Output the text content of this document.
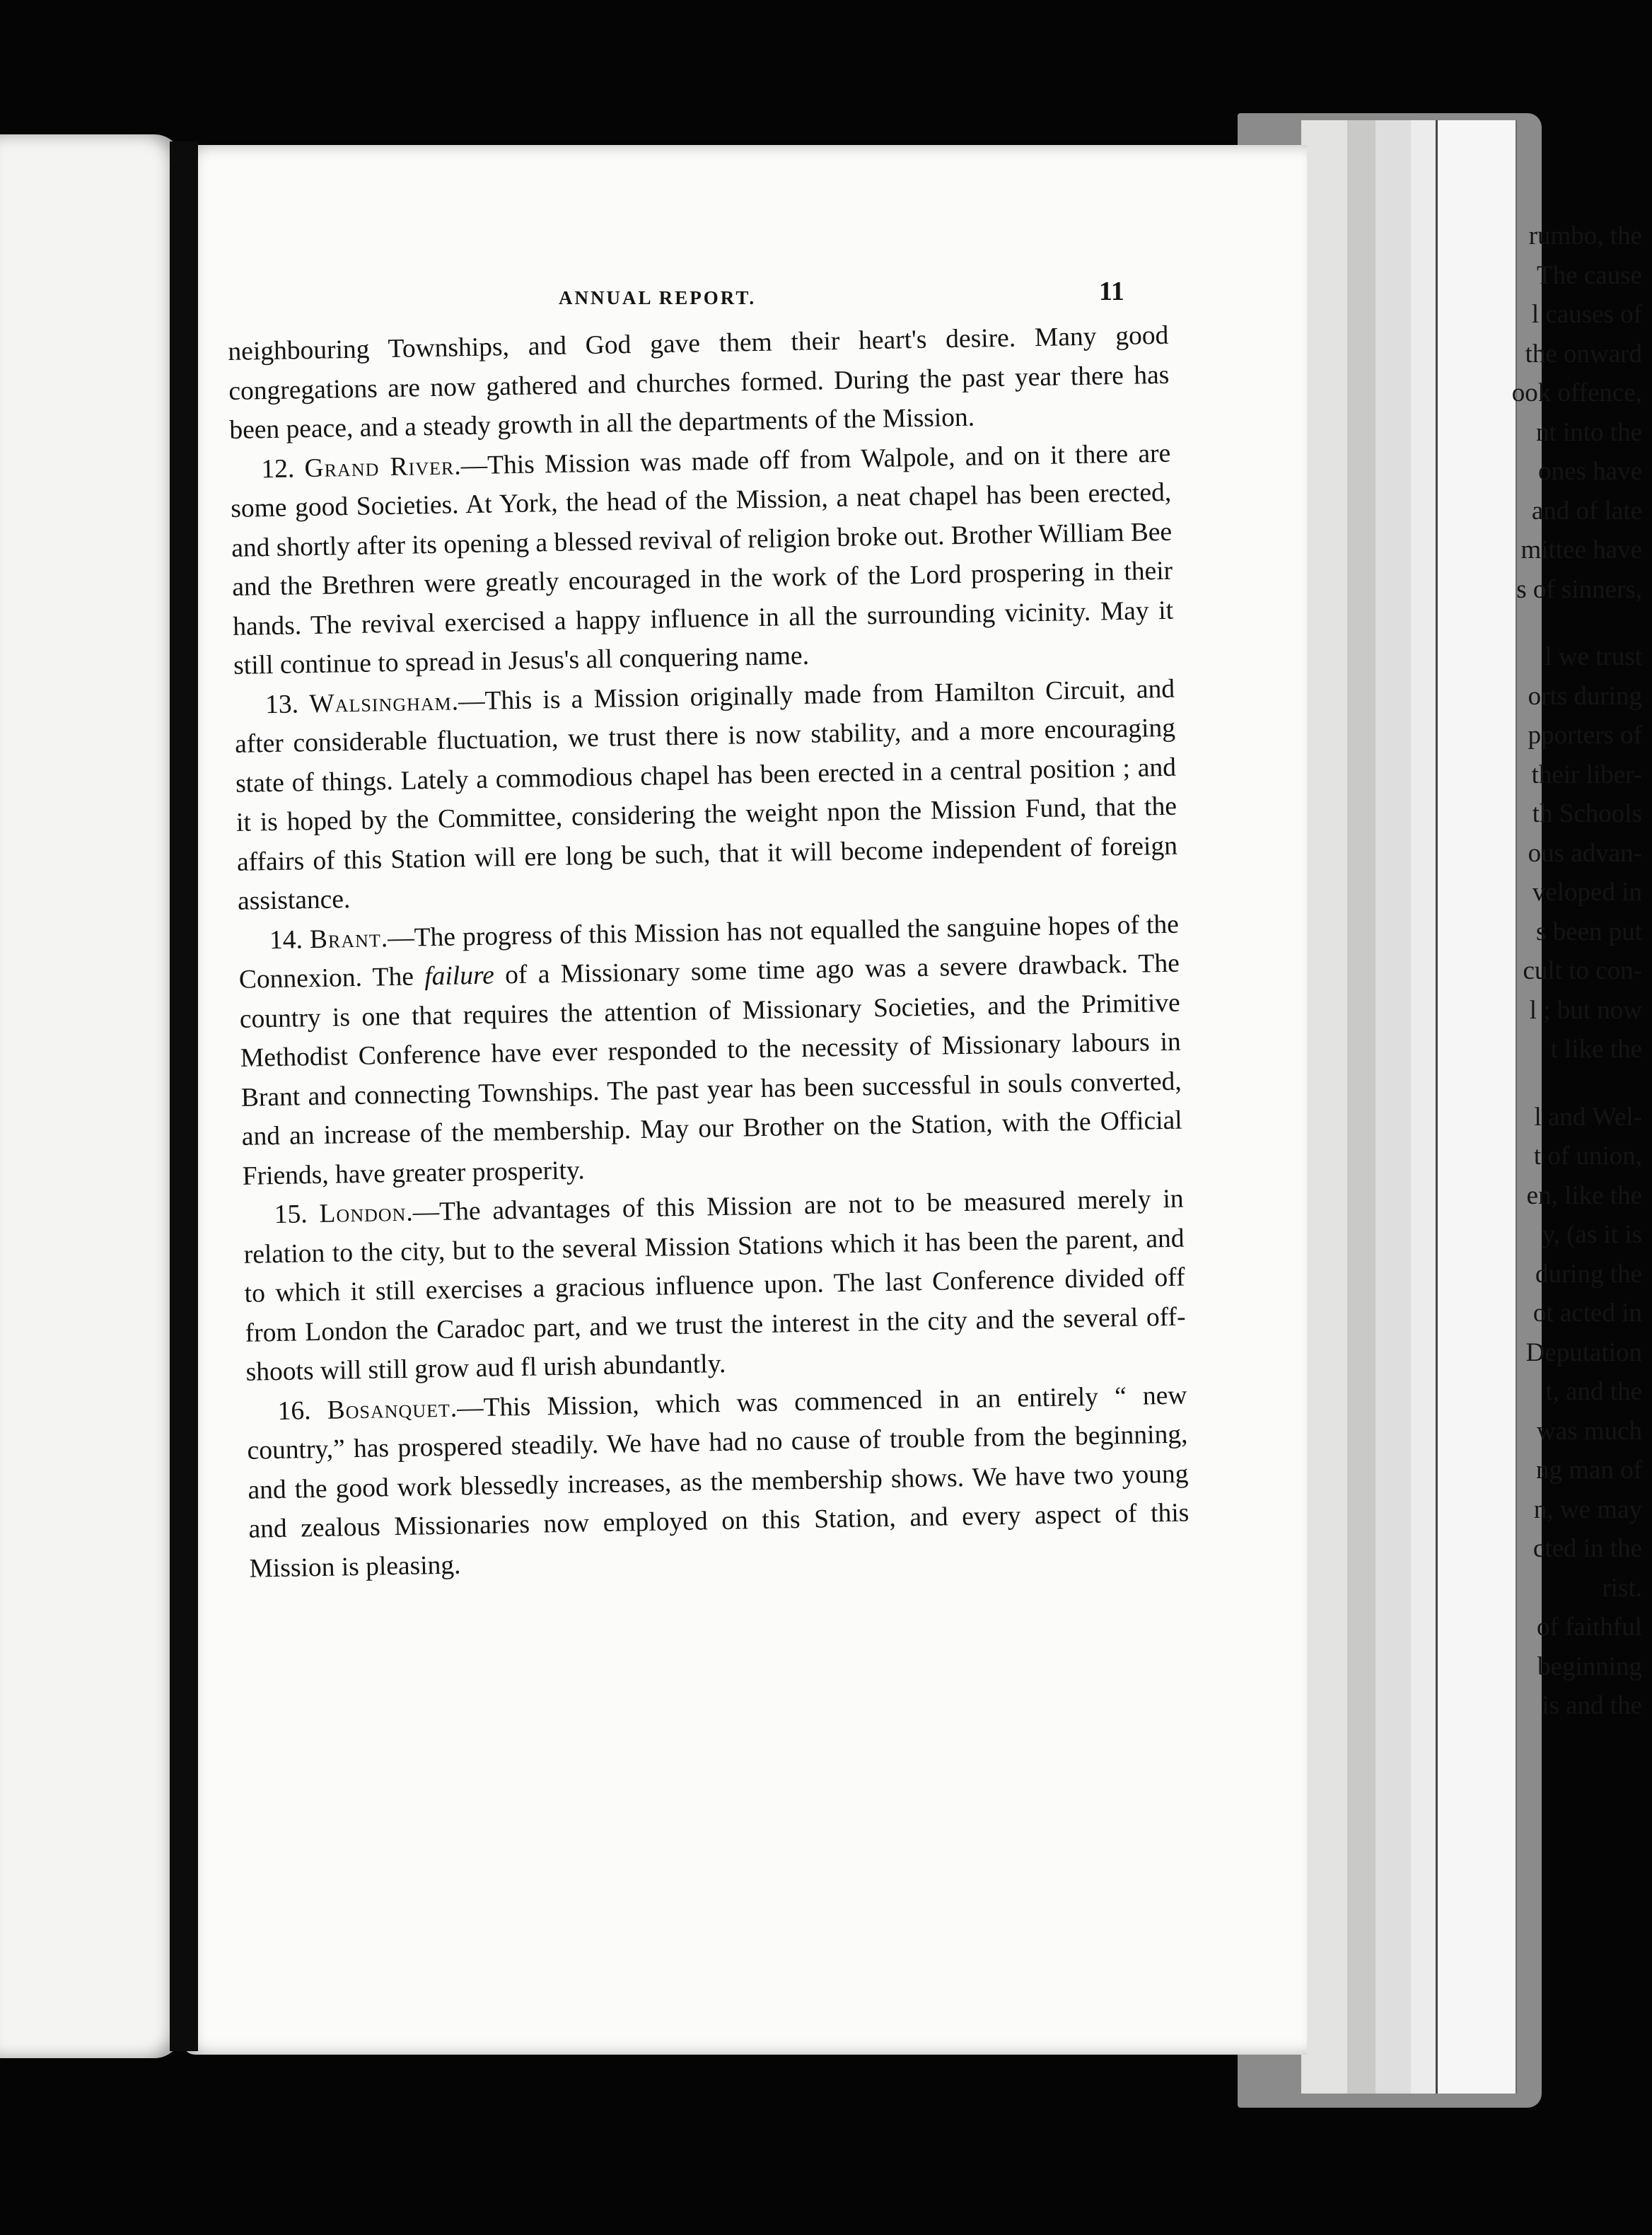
rumbo, the
The cause
l causes of
the onward
ook offence,
nt into the
ones have
and of late
mittee have
s of sinners,
l we trust
orts during
pporters of
their liber-
th Schools
ous advan-
veloped in
s been put
cult to con-
l ; but now
t like the
l and Wel-
t of union,
en, like the
y, (as it is
during the
ot acted in
Deputation
t, and the
was much
ng man of
n, we may
cted in the
rist.
of faithful
beginning
is and the
ANNUAL REPORT.	11

neighbouring Townships, and God gave them their heart's desire. Many good congregations are now gathered and churches formed. During the past year there has been peace, and a steady growth in all the departments of the Mission.

12. Grand River.—This Mission was made off from Walpole, and on it there are some good Societies. At York, the head of the Mission, a neat chapel has been erected, and shortly after its opening a blessed revival of religion broke out. Brother William Bee and the Brethren were greatly encouraged in the work of the Lord prospering in their hands. The revival exercised a happy influence in all the surrounding vicinity. May it still continue to spread in Jesus's all conquering name.

13. Walsingham.—This is a Mission originally made from Hamilton Circuit, and after considerable fluctuation, we trust there is now stability, and a more encouraging state of things. Lately a commodious chapel has been erected in a central position ; and it is hoped by the Committee, considering the weight npon the Mission Fund, that the affairs of this Station will ere long be such, that it will become independent of foreign assistance.

14. Brant.—The progress of this Mission has not equalled the sanguine hopes of the Connexion. The failure of a Missionary some time ago was a severe drawback. The country is one that requires the attention of Missionary Societies, and the Primitive Methodist Conference have ever responded to the necessity of Missionary labours in Brant and connecting Townships. The past year has been successful in souls converted, and an increase of the membership. May our Brother on the Station, with the Official Friends, have greater prosperity.

15. London.—The advantages of this Mission are not to be measured merely in relation to the city, but to the several Mission Stations which it has been the parent, and to which it still exercises a gracious influence upon. The last Conference divided off from London the Caradoc part, and we trust the interest in the city and the several off-shoots will still grow aud fl urish abundantly.

16. Bosanquet.—This Mission, which was commenced in an entirely “ new country,” has prospered steadily. We have had no cause of trouble from the beginning, and the good work blessedly increases, as the membership shows. We have two young and zealous Missionaries now employed on this Station, and every aspect of this Mission is pleasing.
